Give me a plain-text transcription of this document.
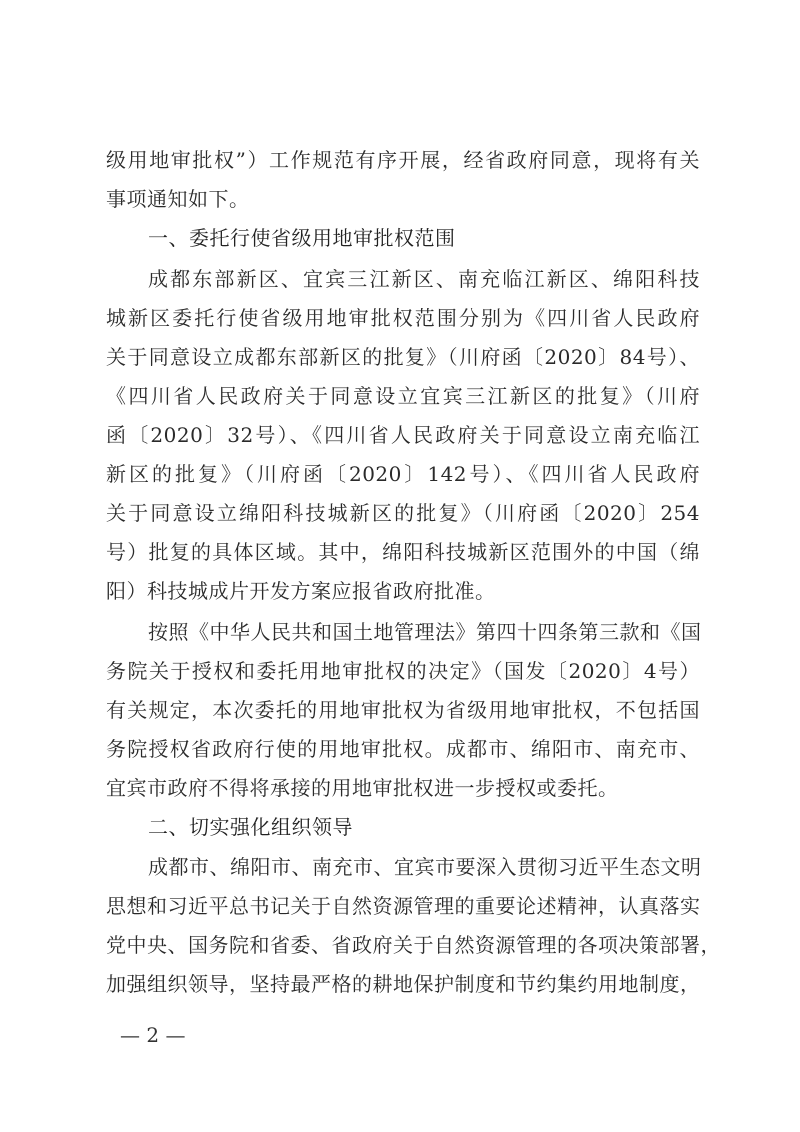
级用地审批权”）工作规范有序开展，经省政府同意，现将有关
事项通知如下。
一、委托行使省级用地审批权范围
成都东部新区、宜宾三江新区、南充临江新区、绵阳科技
城新区委托行使省级用地审批权范围分别为《四川省人民政府
关于同意设立成都东部新区的批复》（川府函〔2020〕84号）、
《四川省人民政府关于同意设立宜宾三江新区的批复》（川府
函〔2020〕32号）、《四川省人民政府关于同意设立南充临江
新区的批复》（川府函〔2020〕142号）、《四川省人民政府
关于同意设立绵阳科技城新区的批复》（川府函〔2020〕254
号）批复的具体区域。其中，绵阳科技城新区范围外的中国（绵
阳）科技城成片开发方案应报省政府批准。
按照《中华人民共和国土地管理法》第四十四条第三款和《国
务院关于授权和委托用地审批权的决定》（国发〔2020〕4号）
有关规定，本次委托的用地审批权为省级用地审批权，不包括国
务院授权省政府行使的用地审批权。成都市、绵阳市、南充市、
宜宾市政府不得将承接的用地审批权进一步授权或委托。
二、切实强化组织领导
成都市、绵阳市、南充市、宜宾市要深入贯彻习近平生态文明
思想和习近平总书记关于自然资源管理的重要论述精神，认真落实
党中央、国务院和省委、省政府关于自然资源管理的各项决策部署，
加强组织领导，坚持最严格的耕地保护制度和节约集约用地制度，
— 2 —
